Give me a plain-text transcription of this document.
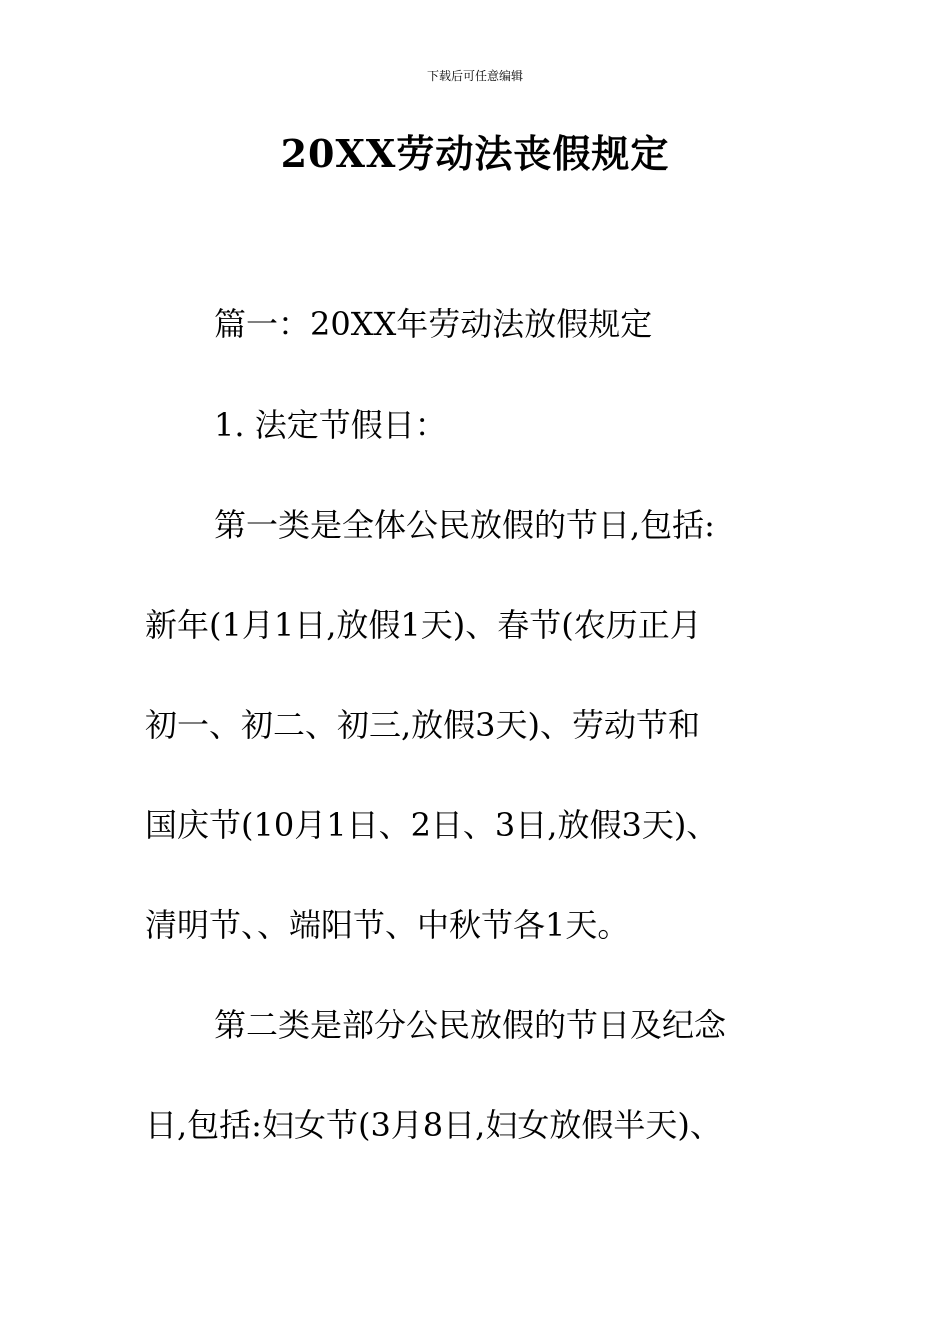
下载后可任意编辑
20XX劳动法丧假规定

篇一：20XX年劳动法放假规定

1. 法定节假日：

第一类是全体公民放假的节日,包括:

新年(1月1日,放假1天)、春节(农历正月

初一、初二、初三,放假3天)、劳动节和

国庆节(10月1日、2日、3日,放假3天)、

清明节、、端阳节、中秋节各1天。

第二类是部分公民放假的节日及纪念

日,包括:妇女节(3月8日,妇女放假半天)、
